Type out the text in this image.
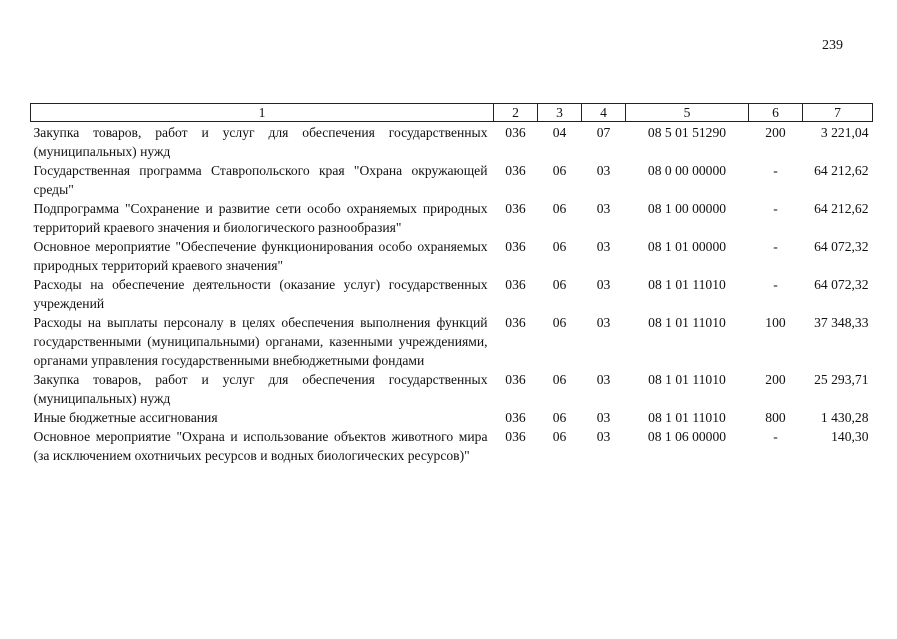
239
1	2	3	4	5	6	7
Закупка товаров, работ и услуг для обеспечения государственных (муниципальных) нужд	036	04	07	08 5 01 51290	200	3 221,04
Государственная программа Ставропольского края "Охрана окружающей среды"	036	06	03	08 0 00 00000	-	64 212,62
Подпрограмма "Сохранение и развитие сети особо охраняемых природных территорий краевого значения и биологического разнообразия"	036	06	03	08 1 00 00000	-	64 212,62
Основное мероприятие "Обеспечение функционирования особо охраняемых природных территорий краевого значения"	036	06	03	08 1 01 00000	-	64 072,32
Расходы на обеспечение деятельности (оказание услуг) государственных учреждений	036	06	03	08 1 01 11010	-	64 072,32
Расходы на выплаты персоналу в целях обеспечения выполнения функций государственными (муниципальными) органами, казенными учреждениями, органами управления государственными внебюджетными фондами	036	06	03	08 1 01 11010	100	37 348,33
Закупка товаров, работ и услуг для обеспечения государственных (муниципальных) нужд	036	06	03	08 1 01 11010	200	25 293,71
Иные бюджетные ассигнования	036	06	03	08 1 01 11010	800	1 430,28
Основное мероприятие "Охрана и использование объектов животного мира (за исключением охотничьих ресурсов и водных биологических ресурсов)"	036	06	03	08 1 06 00000	-	140,30
